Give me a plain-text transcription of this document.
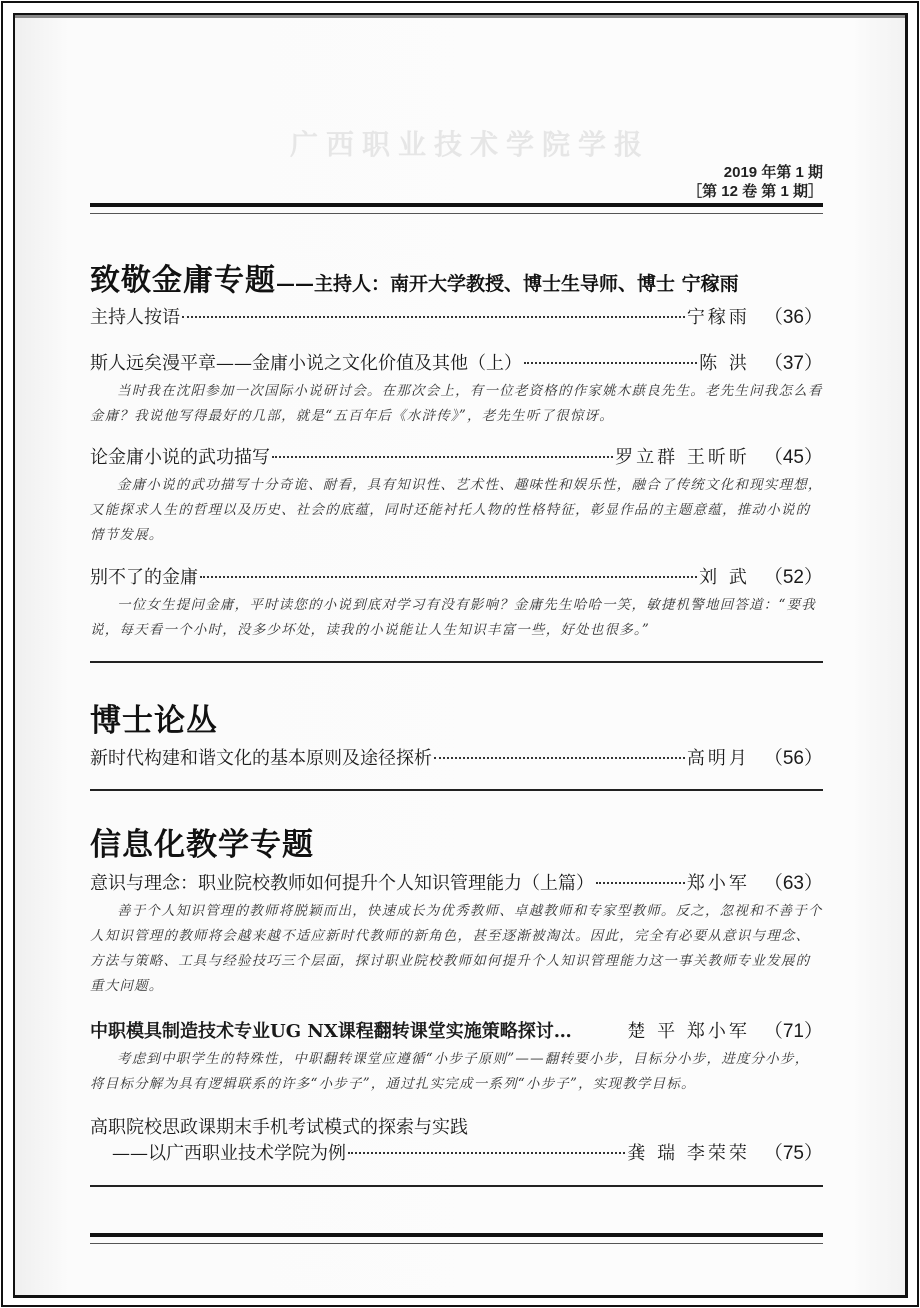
广西职业技术学院学报
2019 年第 1 期
［第 12 卷 第 1 期］
致敬金庸专题——主持人：南开大学教授、博士生导师、博士 宁稼雨
主持人按语	宁稼雨 （36）
斯人远矣漫平章——金庸小说之文化价值及其他（上）	陈 洪 （37）
当时我在沈阳参加一次国际小说研讨会。在那次会上，有一位老资格的作家姚木蕻良先生。老先生问我怎么看金庸？我说他写得最好的几部，就是“五百年后《水浒传》”，老先生听了很惊讶。
论金庸小说的武功描写	罗立群 王昕昕 （45）
金庸小说的武功描写十分奇诡、耐看，具有知识性、艺术性、趣味性和娱乐性，融合了传统文化和现实理想，又能探求人生的哲理以及历史、社会的底蕴，同时还能衬托人物的性格特征，彰显作品的主题意蕴，推动小说的情节发展。
别不了的金庸	刘 武 （52）
一位女生提问金庸，平时读您的小说到底对学习有没有影响？金庸先生哈哈一笑，敏捷机警地回答道：“要我说，每天看一个小时，没多少坏处，读我的小说能让人生知识丰富一些，好处也很多。”
博士论丛
新时代构建和谐文化的基本原则及途径探析	高明月 （56）
信息化教学专题
意识与理念：职业院校教师如何提升个人知识管理能力（上篇）	郑小军 （63）
善于个人知识管理的教师将脱颖而出，快速成长为优秀教师、卓越教师和专家型教师。反之，忽视和不善于个人知识管理的教师将会越来越不适应新时代教师的新角色，甚至逐渐被淘汰。因此，完全有必要从意识与理念、方法与策略、工具与经验技巧三个层面，探讨职业院校教师如何提升个人知识管理能力这一事关教师专业发展的重大问题。
中职模具制造技术专业UG NX课程翻转课堂实施策略探讨…	楚 平 郑小军 （71）
考虑到中职学生的特殊性，中职翻转课堂应遵循“小步子原则”——翻转要小步，目标分小步，进度分小步，将目标分解为具有逻辑联系的许多“小步子”，通过扎实完成一系列“小步子”，实现教学目标。
高职院校思政课期末手机考试模式的探索与实践
——以广西职业技术学院为例	龚 瑞 李荣荣 （75）
